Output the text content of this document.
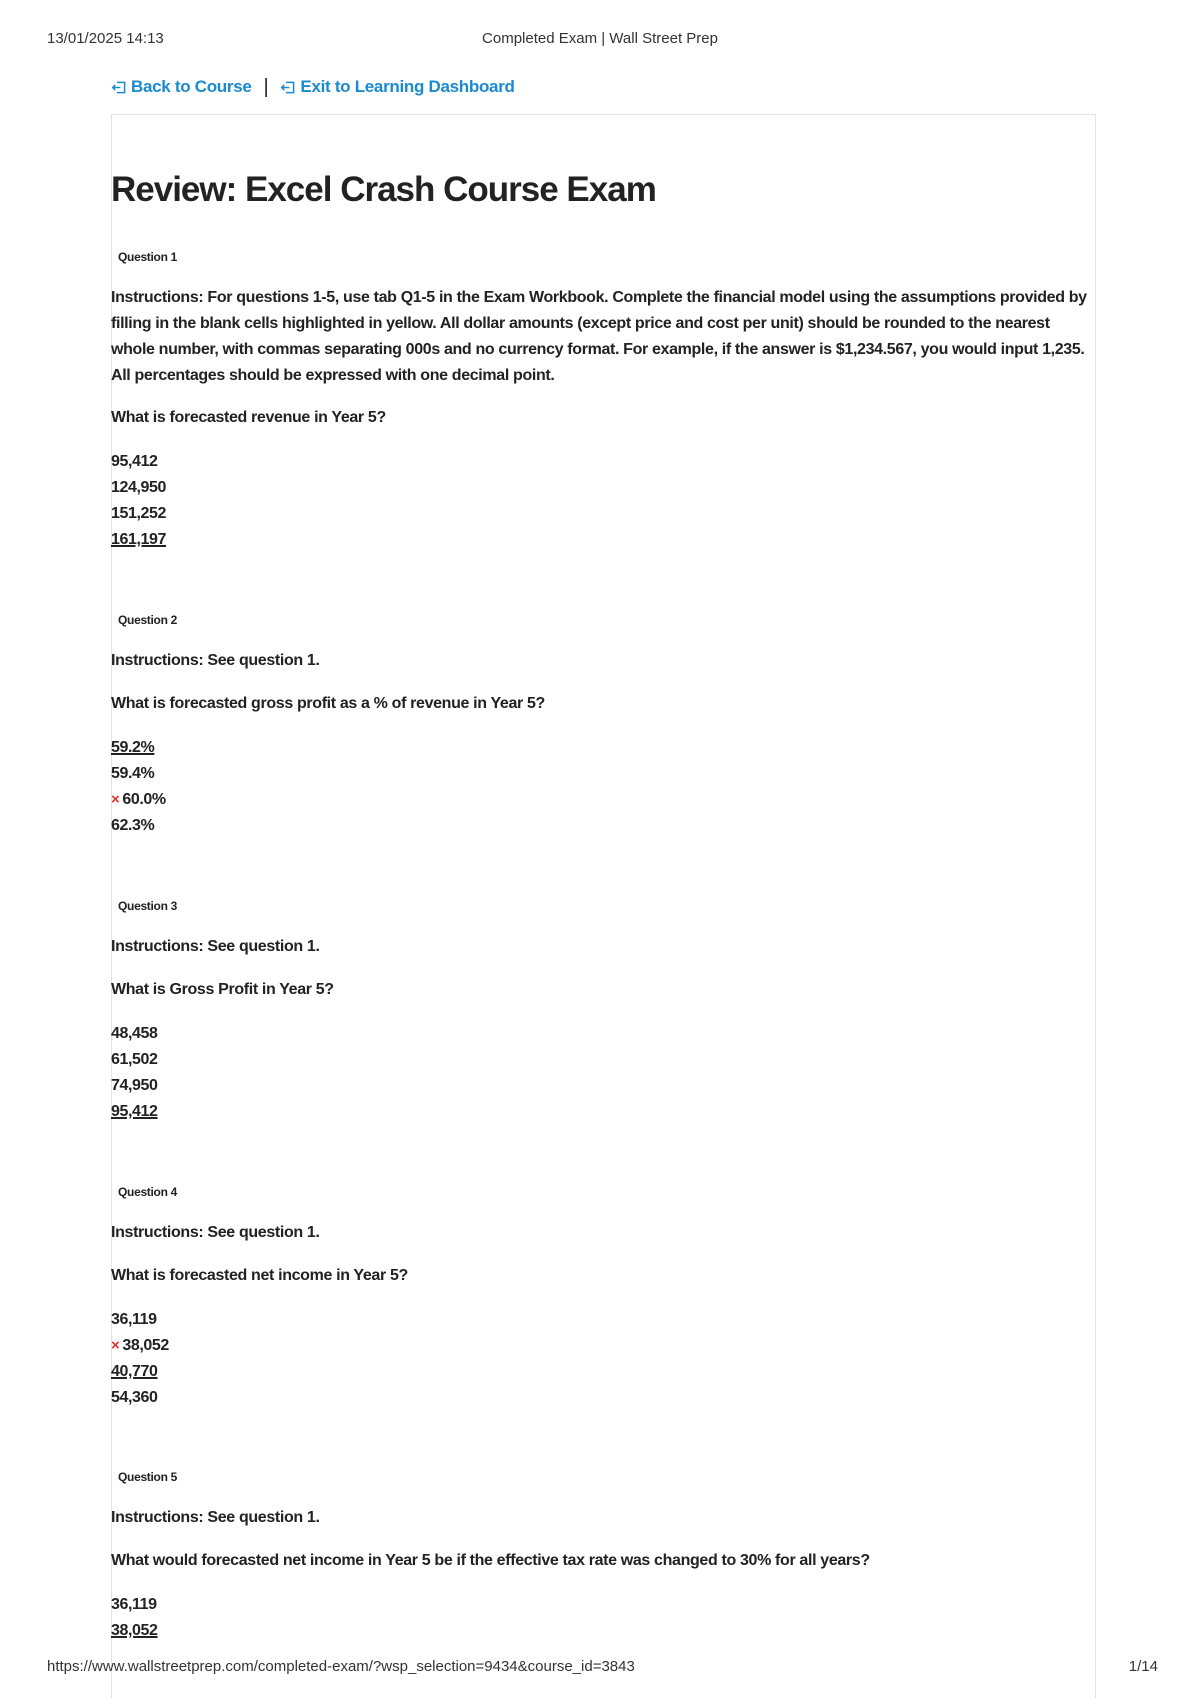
13/01/2025 14:13	Completed Exam | Wall Street Prep
Back to Course | Exit to Learning Dashboard
Review: Excel Crash Course Exam
Question 1
Instructions: For questions 1-5, use tab Q1-5 in the Exam Workbook. Complete the financial model using the assumptions provided by filling in the blank cells highlighted in yellow. All dollar amounts (except price and cost per unit) should be rounded to the nearest whole number, with commas separating 000s and no currency format. For example, if the answer is $1,234.567, you would input 1,235. All percentages should be expressed with one decimal point.
What is forecasted revenue in Year 5?
95,412
124,950
151,252
161,197
Question 2
Instructions: See question 1.
What is forecasted gross profit as a % of revenue in Year 5?
59.2%
59.4%
× 60.0%
62.3%
Question 3
Instructions: See question 1.
What is Gross Profit in Year 5?
48,458
61,502
74,950
95,412
Question 4
Instructions: See question 1.
What is forecasted net income in Year 5?
36,119
× 38,052
40,770
54,360
Question 5
Instructions: See question 1.
What would forecasted net income in Year 5 be if the effective tax rate was changed to 30% for all years?
36,119
38,052
https://www.wallstreetprep.com/completed-exam/?wsp_selection=9434&course_id=3843	1/14
